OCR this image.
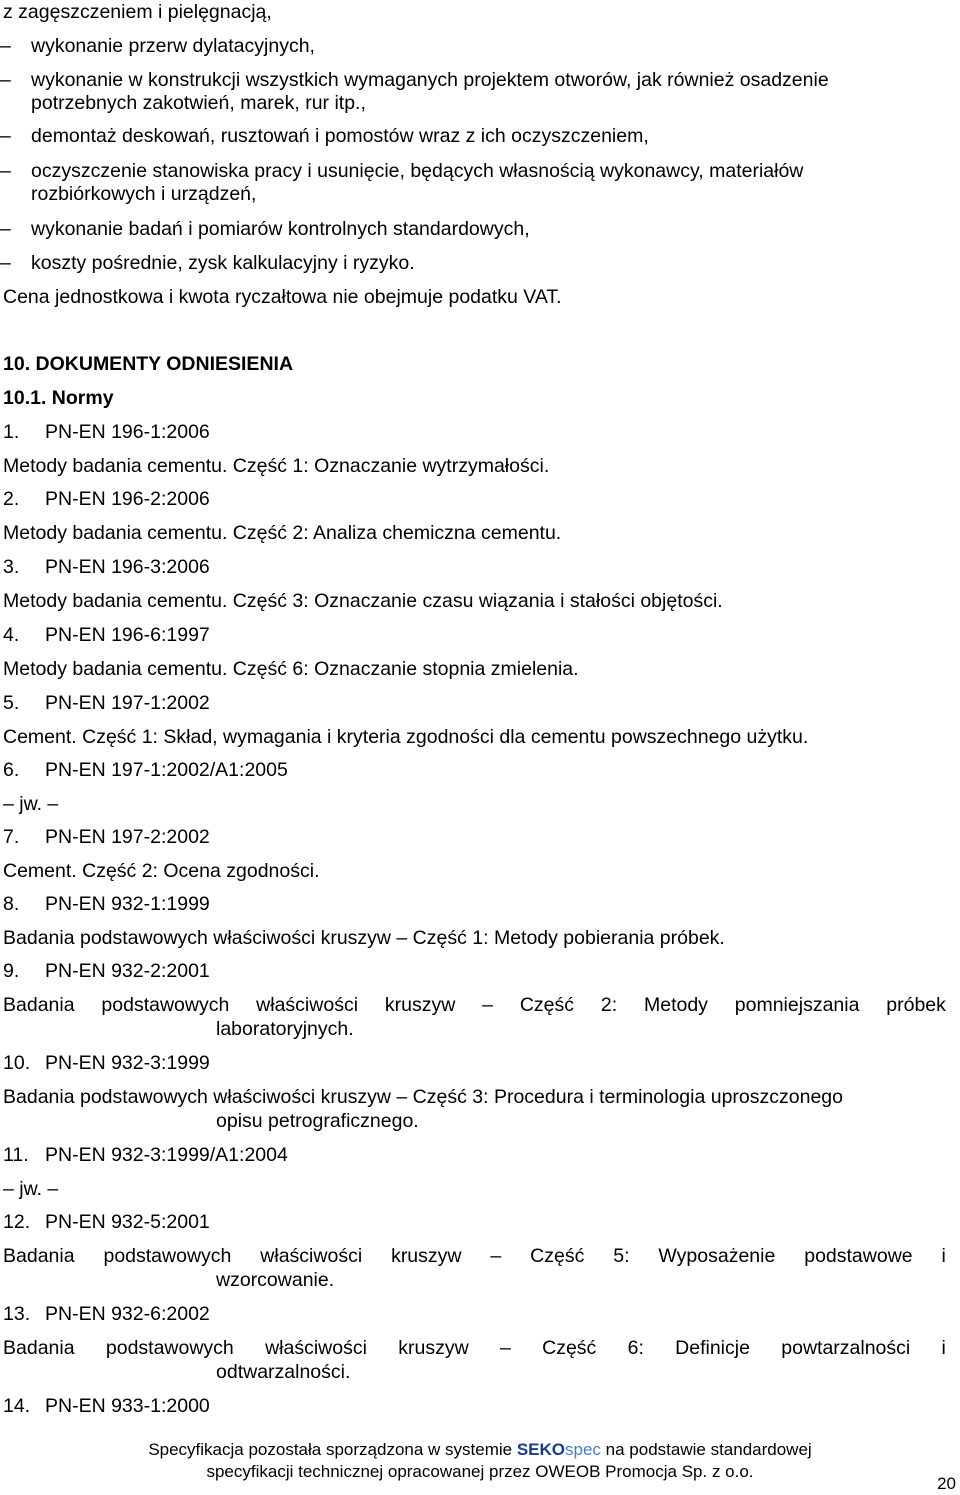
z zagęszczeniem i pielęgnacją,
–	wykonanie przerw dylatacyjnych,
–	wykonanie w konstrukcji wszystkich wymaganych projektem otworów, jak również osadzenie
potrzebnych zakotwień, marek, rur itp.,
–	demontaż deskowań, rusztowań i pomostów wraz z ich oczyszczeniem,
–	oczyszczenie stanowiska pracy i usunięcie, będących własnością wykonawcy, materiałów
rozbiórkowych i urządzeń,
–	wykonanie badań i pomiarów kontrolnych standardowych,
–	koszty pośrednie, zysk kalkulacyjny i ryzyko.
Cena jednostkowa i kwota ryczałtowa nie obejmuje podatku VAT.
10. DOKUMENTY ODNIESIENIA
10.1. Normy
1. PN-EN 196-1:2006
Metody badania cementu. Część 1: Oznaczanie wytrzymałości.
2. PN-EN 196-2:2006
Metody badania cementu. Część 2: Analiza chemiczna cementu.
3. PN-EN 196-3:2006
Metody badania cementu. Część 3: Oznaczanie czasu wiązania i stałości objętości.
4. PN-EN 196-6:1997
Metody badania cementu. Część 6: Oznaczanie stopnia zmielenia.
5. PN-EN 197-1:2002
Cement. Część 1: Skład, wymagania i kryteria zgodności dla cementu powszechnego użytku.
6. PN-EN 197-1:2002/A1:2005
– jw. –
7. PN-EN 197-2:2002
Cement. Część 2: Ocena zgodności.
8. PN-EN 932-1:1999
Badania podstawowych właściwości kruszyw – Część 1: Metody pobierania próbek.
9. PN-EN 932-2:2001
Badania podstawowych właściwości kruszyw – Część 2: Metody pomniejszania próbek
laboratoryjnych.
10. PN-EN 932-3:1999
Badania podstawowych właściwości kruszyw – Część 3: Procedura i terminologia uproszczonego
opisu petrograficznego.
11. PN-EN 932-3:1999/A1:2004
– jw. –
12. PN-EN 932-5:2001
Badania podstawowych właściwości kruszyw – Część 5: Wyposażenie podstawowe i
wzorcowanie.
13. PN-EN 932-6:2002
Badania podstawowych właściwości kruszyw – Część 6: Definicje powtarzalności i
odtwarzalności.
14. PN-EN 933-1:2000
Specyfikacja pozostała sporządzona w systemie SEKOspec na podstawie standardowej
specyfikacji technicznej opracowanej przez OWEOB Promocja Sp. z o.o.
20
